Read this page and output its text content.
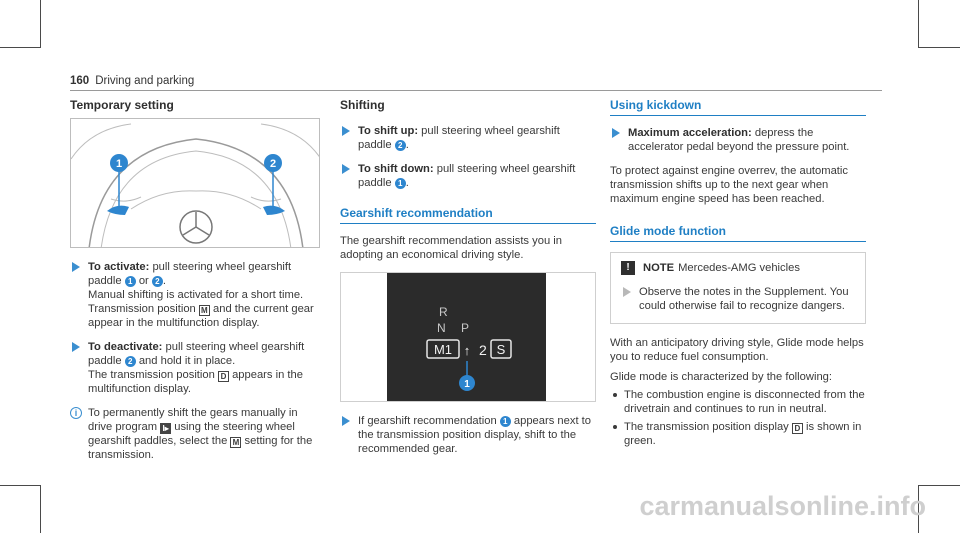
160 Driving and parking
Temporary setting
1	2
To activate: pull steering wheel gearshift paddle 1 or 2 .
Manual shifting is activated for a short time.
Transmission position M and the current gear appear in the multifunction display.
To deactivate: pull steering wheel gearshift paddle 2 and hold it in place.
The transmission position D appears in the multifunction display.
i To permanently shift the gears manually in drive program I▸ using the steering wheel gearshift paddles, select the M setting for the transmission.
Shifting
To shift up: pull steering wheel gearshift paddle 2 .
To shift down: pull steering wheel gearshift paddle 1 .
Gearshift recommendation

The gearshift recommendation assists you in adopting an economical driving style.

R
N P
M1 ↑ 2 S
1
If gearshift recommendation 1 appears next to the transmission position display, shift to the recommended gear.
Using kickdown
Maximum acceleration: depress the accelerator pedal beyond the pressure point.

To protect against engine overrev, the automatic transmission shifts up to the next gear when maximum engine speed has been reached.

Glide mode function
!	NOTE Mercedes-AMG vehicles
Observe the notes in the Supplement. You could otherwise fail to recognize dangers.

With an anticipatory driving style, Glide mode helps you to reduce fuel consumption.

Glide mode is characterized by the following:

The combustion engine is disconnected from the drivetrain and continues to run in neutral.
The transmission position display D is shown in green.
carmanualsonline.info
